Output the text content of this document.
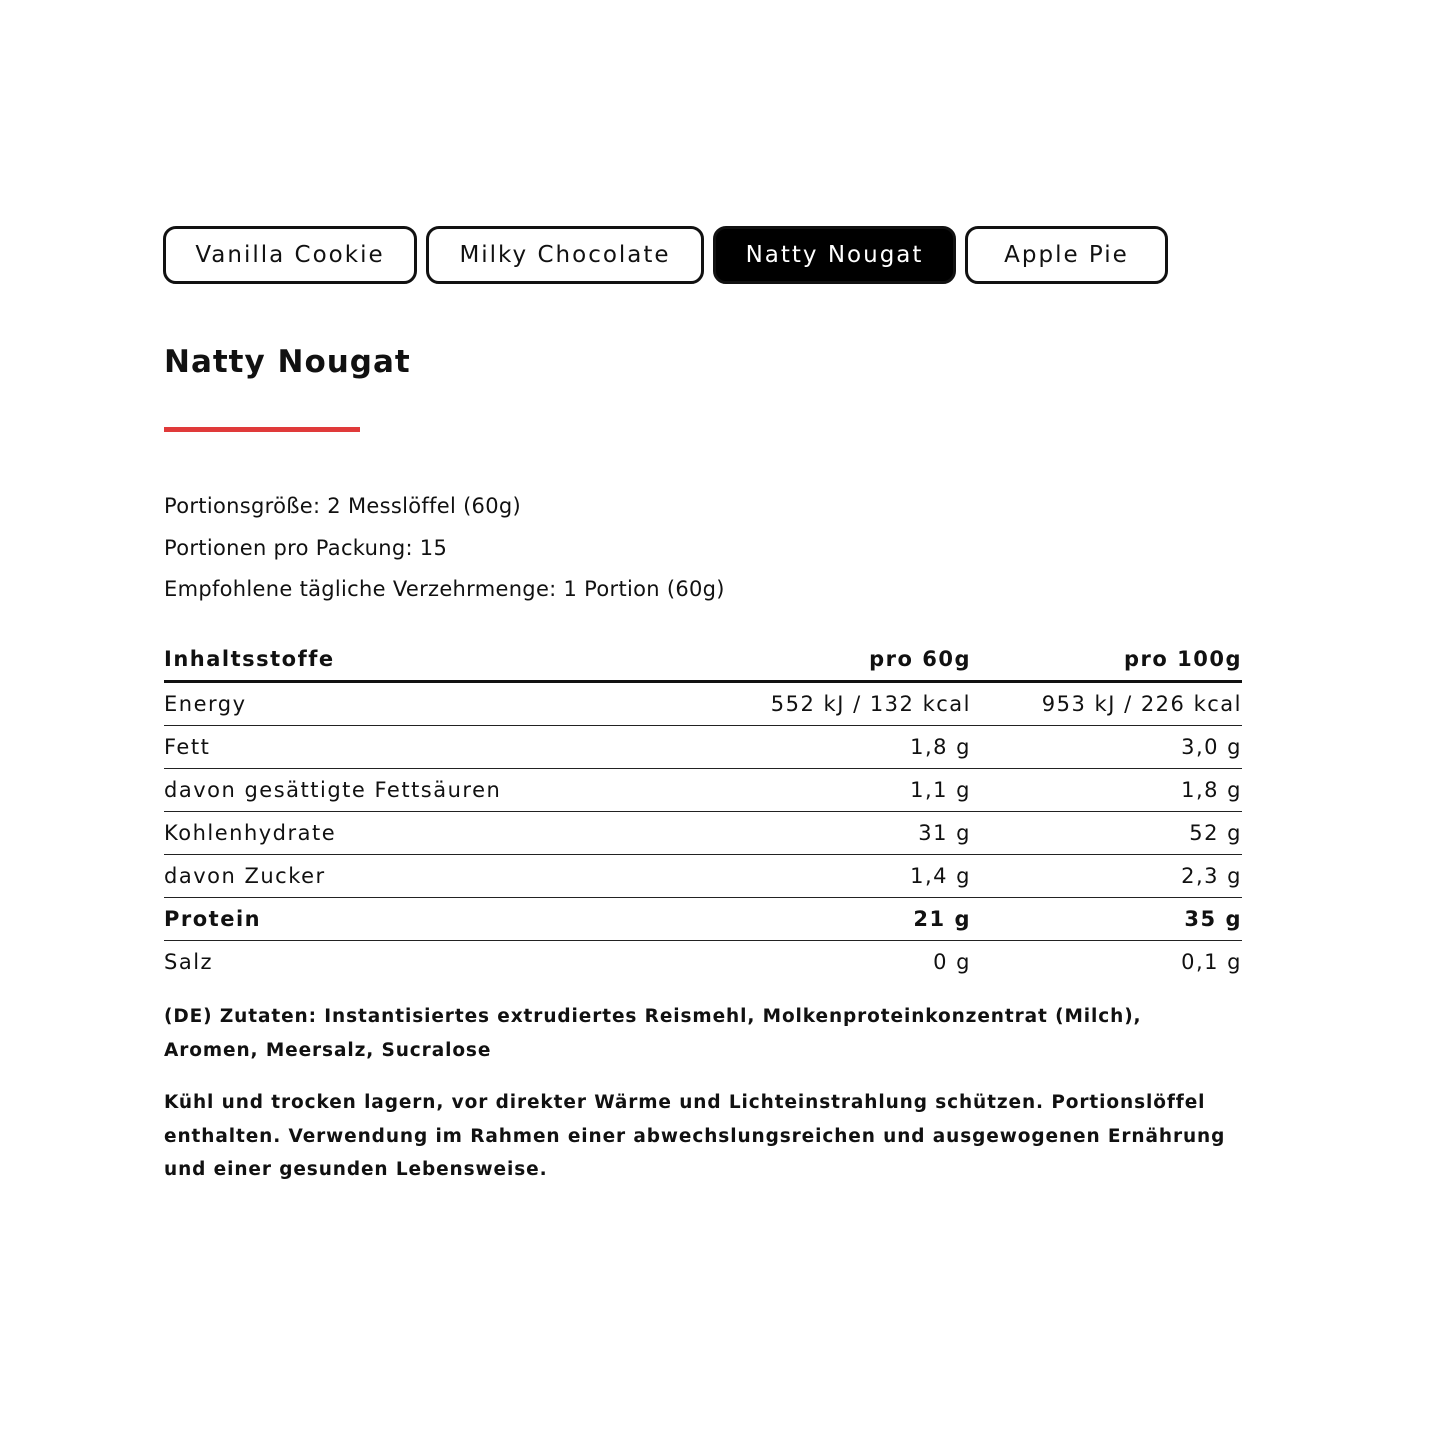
Vanilla Cookie	Milky Chocolate	Natty Nougat	Apple Pie
Natty Nougat
Portionsgröße: 2 Messlöffel (60g)
Portionen pro Packung: 15
Empfohlene tägliche Verzehrmenge: 1 Portion (60g)
Inhaltsstoffe	pro 60g	pro 100g
Energy	552 kJ / 132 kcal	953 kJ / 226 kcal
Fett	1,8 g	3,0 g
davon gesättigte Fettsäuren	1,1 g	1,8 g
Kohlenhydrate	31 g	52 g
davon Zucker	1,4 g	2,3 g
Protein	21 g	35 g
Salz	0 g	0,1 g

(DE) Zutaten: Instantisiertes extrudiertes Reismehl, Molkenproteinkonzentrat (Milch), Aromen, Meersalz, Sucralose

Kühl und trocken lagern, vor direkter Wärme und Lichteinstrahlung schützen. Portionslöffel enthalten. Verwendung im Rahmen einer abwechslungsreichen und ausgewogenen Ernährung und einer gesunden Lebensweise.
